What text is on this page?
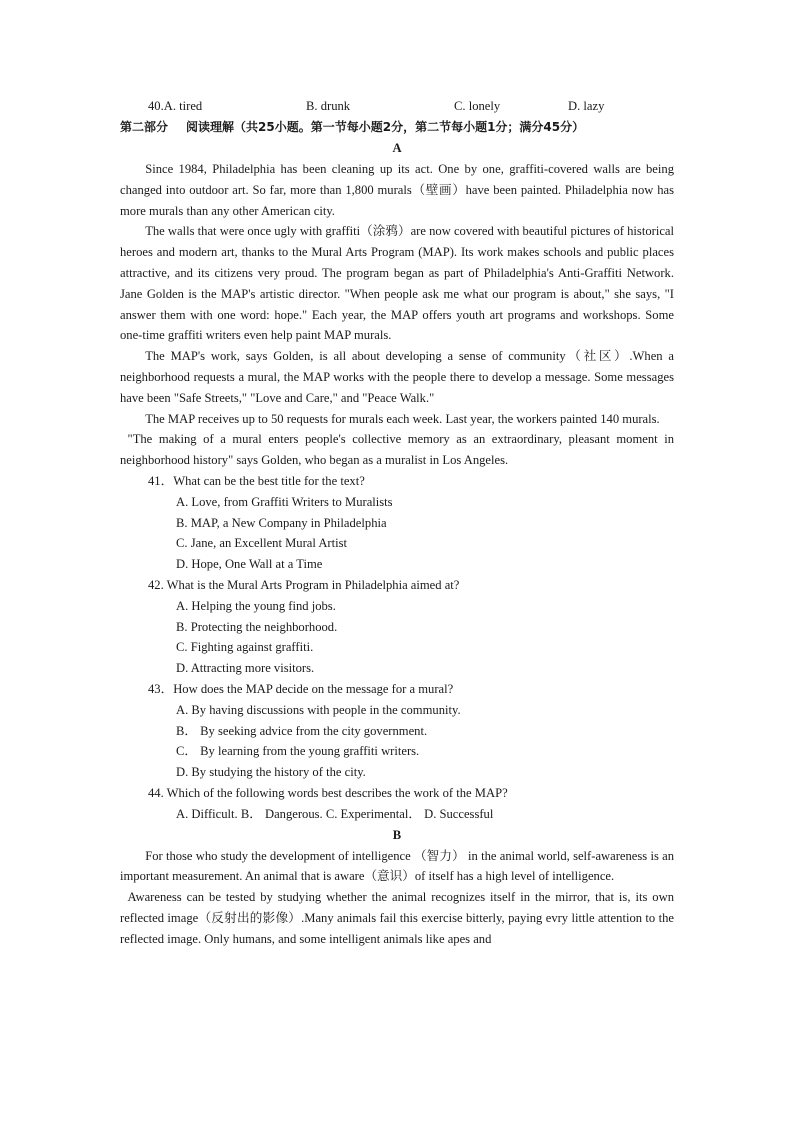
40.A. tired	B. drunk	C. lonely	D. lazy
第二部分 阅读理解（共25小题。第一节每小题2分，第二节每小题1分；满分45分）
A

Since 1984, Philadelphia has been cleaning up its act. One by one, graffiti-covered walls are being changed into outdoor art. So far, more than 1,800 murals（壁画）have been painted. Philadelphia now has more murals than any other American city.

The walls that were once ugly with graffiti（涂鸦）are now covered with beautiful pictures of historical heroes and modern art, thanks to the Mural Arts Program (MAP). Its work makes schools and public places attractive, and its citizens very proud. The program began as part of Philadelphia's Anti-Graffiti Network. Jane Golden is the MAP's artistic director. "When people ask me what our program is about," she says, "I answer them with one word: hope." Each year, the MAP offers youth art programs and workshops. Some one-time graffiti writers even help paint MAP murals.

The MAP's work, says Golden, is all about developing a sense of community（社区）.When a neighborhood requests a mural, the MAP works with the people there to develop a message. Some messages have been "Safe Streets," "Love and Care," and "Peace Walk."

The MAP receives up to 50 requests for murals each week. Last year, the workers painted 140 murals.

"The making of a mural enters people's collective memory as an extraordinary, pleasant moment in neighborhood history" says Golden, who began as a muralist in Los Angeles.

41．What can be the best title for the text?

A. Love, from Graffiti Writers to Muralists

B. MAP, a New Company in Philadelphia

C. Jane, an Excellent Mural Artist

D. Hope, One Wall at a Time

42. What is the Mural Arts Program in Philadelphia aimed at?

A. Helping the young find jobs.

B. Protecting the neighborhood.

C. Fighting against graffiti.

D. Attracting more visitors.

43．How does the MAP decide on the message for a mural?

A. By having discussions with people in the community.

B． By seeking advice from the city government.

C． By learning from the young graffiti writers.

D. By studying the history of the city.

44. Which of the following words best describes the work of the MAP?

A. Difficult. B． Dangerous. C. Experimental． D. Successful

B

For those who study the development of intelligence （智力） in the animal world, self-awareness is an important measurement. An animal that is aware（意识）of itself has a high level of intelligence.

Awareness can be tested by studying whether the animal recognizes itself in the mirror, that is, its own reflected image（反射出的影像）.Many animals fail this exercise bitterly, paying evry little attention to the reflected image. Only humans, and some intelligent animals like apes and
